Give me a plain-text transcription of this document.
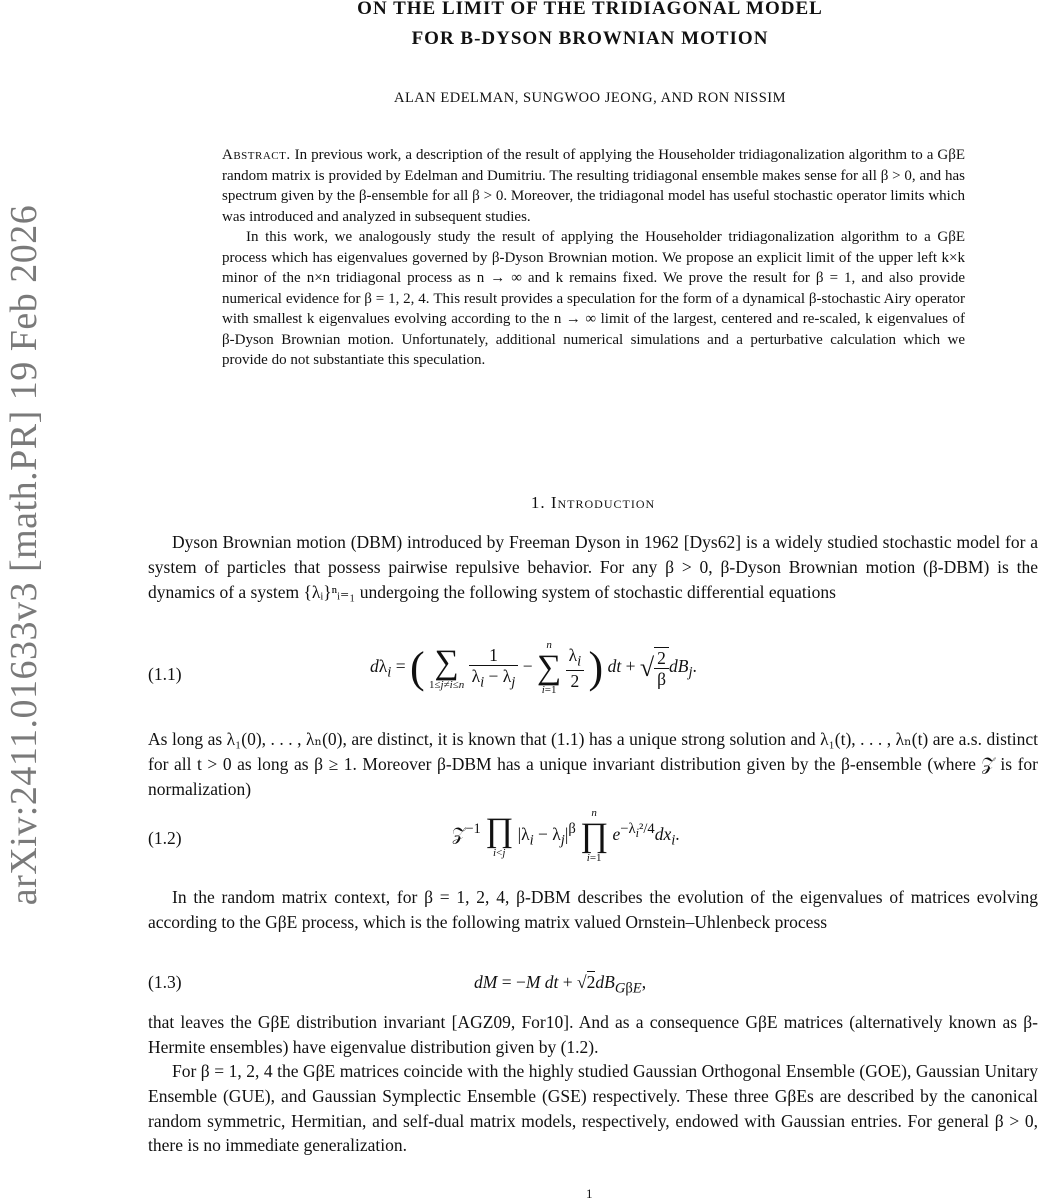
arXiv:2411.01633v3 [math.PR] 19 Feb 2026
ON THE LIMIT OF THE TRIDIAGONAL MODEL
FOR Β-DYSON BROWNIAN MOTION
ALAN EDELMAN, SUNGWOO JEONG, AND RON NISSIM

Abstract. In previous work, a description of the result of applying the Householder tridiagonalization algorithm to a GβE random matrix is provided by Edelman and Dumitriu. The resulting tridiagonal ensemble makes sense for all β > 0, and has spectrum given by the β-ensemble for all β > 0. Moreover, the tridiagonal model has useful stochastic operator limits which was introduced and analyzed in subsequent studies.

In this work, we analogously study the result of applying the Householder tridiagonalization algorithm to a GβE process which has eigenvalues governed by β-Dyson Brownian motion. We propose an explicit limit of the upper left k×k minor of the n×n tridiagonal process as n → ∞ and k remains fixed. We prove the result for β = 1, and also provide numerical evidence for β = 1, 2, 4. This result provides a speculation for the form of a dynamical β-stochastic Airy operator with smallest k eigenvalues evolving according to the n → ∞ limit of the largest, centered and re-scaled, k eigenvalues of β-Dyson Brownian motion. Unfortunately, additional numerical simulations and a perturbative calculation which we provide do not substantiate this speculation.

1. Introduction

Dyson Brownian motion (DBM) introduced by Freeman Dyson in 1962 [Dys62] is a widely studied stochastic model for a system of particles that possess pairwise repulsive behavior. For any β > 0, β-Dyson Brownian motion (β-DBM) is the dynamics of a system {λᵢ}ⁿᵢ₌₁ undergoing the following system of stochastic differential equations

(1.1)	$d\lambda_i$ = ( ∑
1≤j≠i≤n
$\frac{1}{\lambda_i - \lambda_j}$ −
n
∑
i=1
$\frac{\lambda_i}{2}$ ) dt + √ $\frac{2}{\beta} dB_j$.

As long as λ₁(0), . . . , λₙ(0), are distinct, it is known that (1.1) has a unique strong solution and λ₁(t), . . . , λₙ(t) are a.s. distinct for all t > 0 as long as β ≥ 1. Moreover β-DBM has a unique invariant distribution given by the β-ensemble (where 𝒵 is for normalization)

(1.2)	𝒵$^{-1}$ ∏
i<j
$|\lambda_i - \lambda_j|^\beta$
n
∏
i=1
$e^{-\lambda_i^2/4}dx_i$.

In the random matrix context, for β = 1, 2, 4, β-DBM describes the evolution of the eigenvalues of matrices evolving according to the GβE process, which is the following matrix valued Ornstein–Uhlenbeck process

(1.3)	dM = −M dt + $√2dB_{G\beta E}$,

that leaves the GβE distribution invariant [AGZ09, For10]. And as a consequence GβE matrices (alternatively known as β-Hermite ensembles) have eigenvalue distribution given by (1.2).

For β = 1, 2, 4 the GβE matrices coincide with the highly studied Gaussian Orthogonal Ensemble (GOE), Gaussian Unitary Ensemble (GUE), and Gaussian Symplectic Ensemble (GSE) respectively. These three GβEs are described by the canonical random symmetric, Hermitian, and self-dual matrix models, respectively, endowed with Gaussian entries. For general β > 0, there is no immediate generalization.

1
